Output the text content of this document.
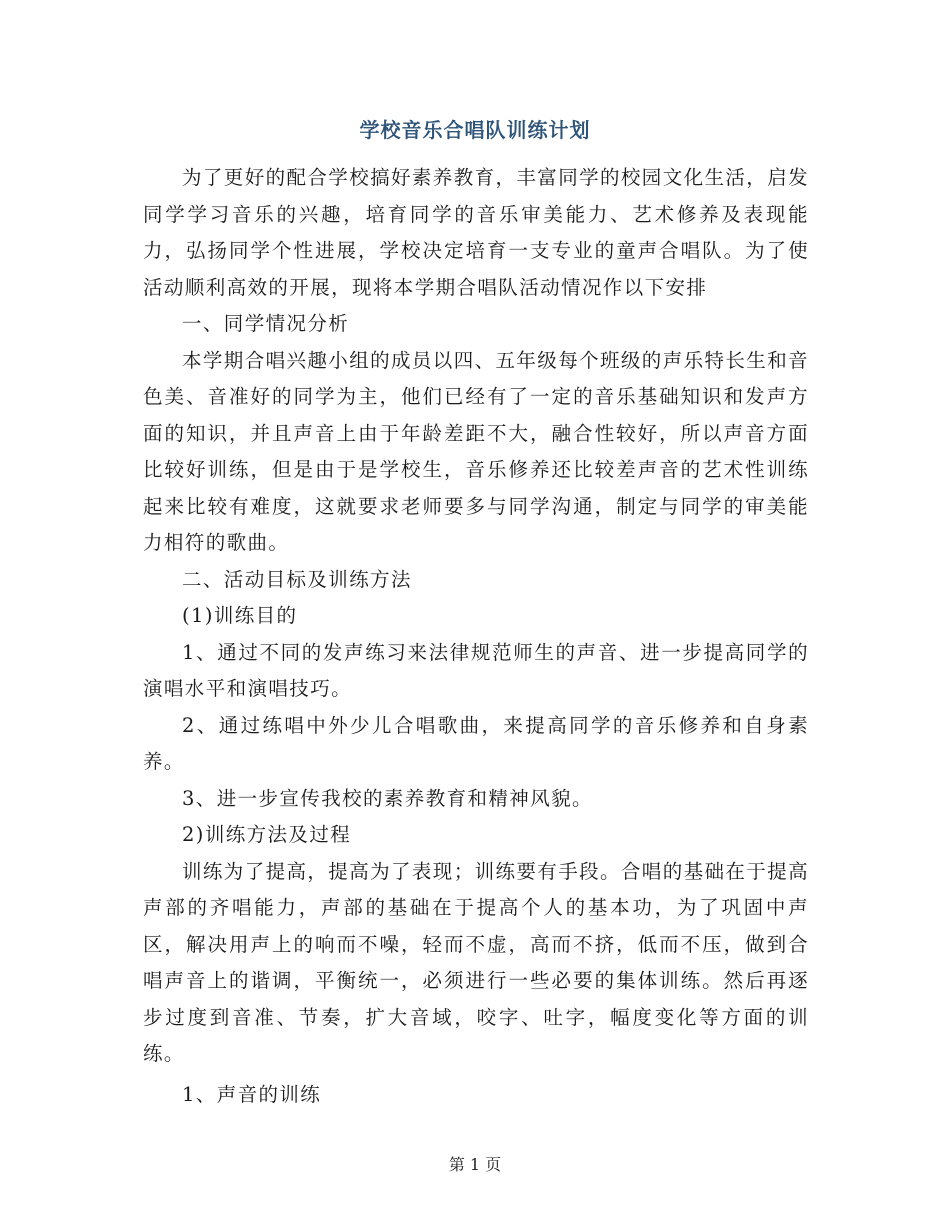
学校音乐合唱队训练计划

为了更好的配合学校搞好素养教育，丰富同学的校园文化生活，启发同学学习音乐的兴趣，培育同学的音乐审美能力、艺术修养及表现能力，弘扬同学个性进展，学校决定培育一支专业的童声合唱队。为了使活动顺利高效的开展，现将本学期合唱队活动情况作以下安排

一、同学情况分析

本学期合唱兴趣小组的成员以四、五年级每个班级的声乐特长生和音色美、音准好的同学为主，他们已经有了一定的音乐基础知识和发声方面的知识，并且声音上由于年龄差距不大，融合性较好，所以声音方面比较好训练，但是由于是学校生，音乐修养还比较差声音的艺术性训练起来比较有难度，这就要求老师要多与同学沟通，制定与同学的审美能力相符的歌曲。

二、活动目标及训练方法

(1)训练目的

1、通过不同的发声练习来法律规范师生的声音、进一步提高同学的演唱水平和演唱技巧。

2、通过练唱中外少儿合唱歌曲，来提高同学的音乐修养和自身素养。

3、进一步宣传我校的素养教育和精神风貌。

2)训练方法及过程

训练为了提高，提高为了表现；训练要有手段。合唱的基础在于提高声部的齐唱能力，声部的基础在于提高个人的基本功，为了巩固中声区，解决用声上的响而不噪，轻而不虚，高而不挤，低而不压，做到合唱声音上的谐调，平衡统一，必须进行一些必要的集体训练。然后再逐步过度到音准、节奏，扩大音域，咬字、吐字，幅度变化等方面的训练。

1、声音的训练

第 1 页
